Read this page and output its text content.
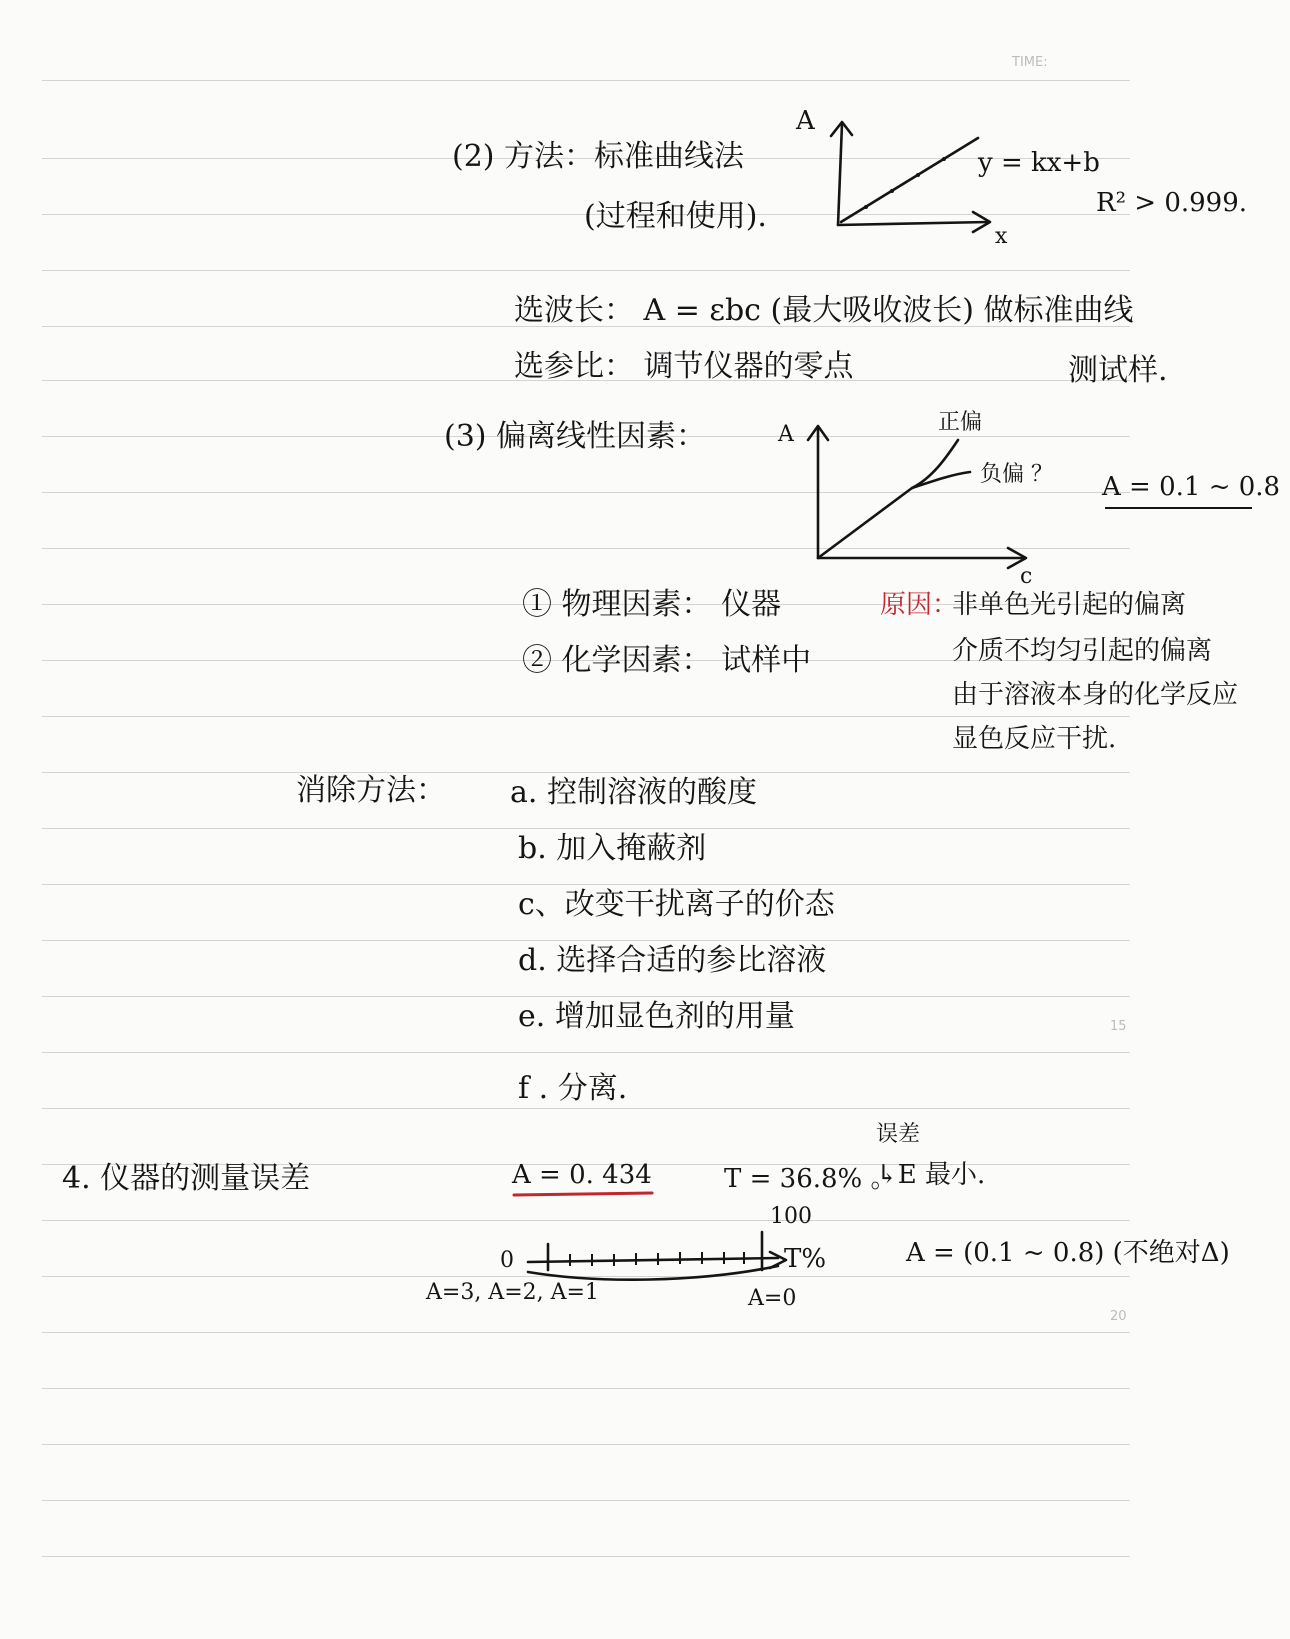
TIME:
15
20
(2) 方法：标准曲线法
(过程和使用).
A
x
y = kx+b
R² > 0.999.
选波长： A = εbc (最大吸收波长) 做标准曲线
选参比： 调节仪器的零点	测试样.
(3) 偏离线性因素：	A
c
正偏
负偏 ？ A = 0.1 ~ 0.8
① 物理因素： 仪器
② 化学因素： 试样中
原因：
非单色光引起的偏离
介质不均匀引起的偏离
由于溶液本身的化学反应
显色反应干扰.
消除方法： a. 控制溶液的酸度
b. 加入掩蔽剂
c、改变干扰离子的价态
d. 选择合适的参比溶液
e. 增加显色剂的用量
f . 分离.
4. 仪器的测量误差	A = 0. 434	T = 36.8% 。
误差
↳E 最小.
0
100
T%
A=3, A=2, A=1	A=0
A = (0.1 ~ 0.8) (不绝对Δ)
